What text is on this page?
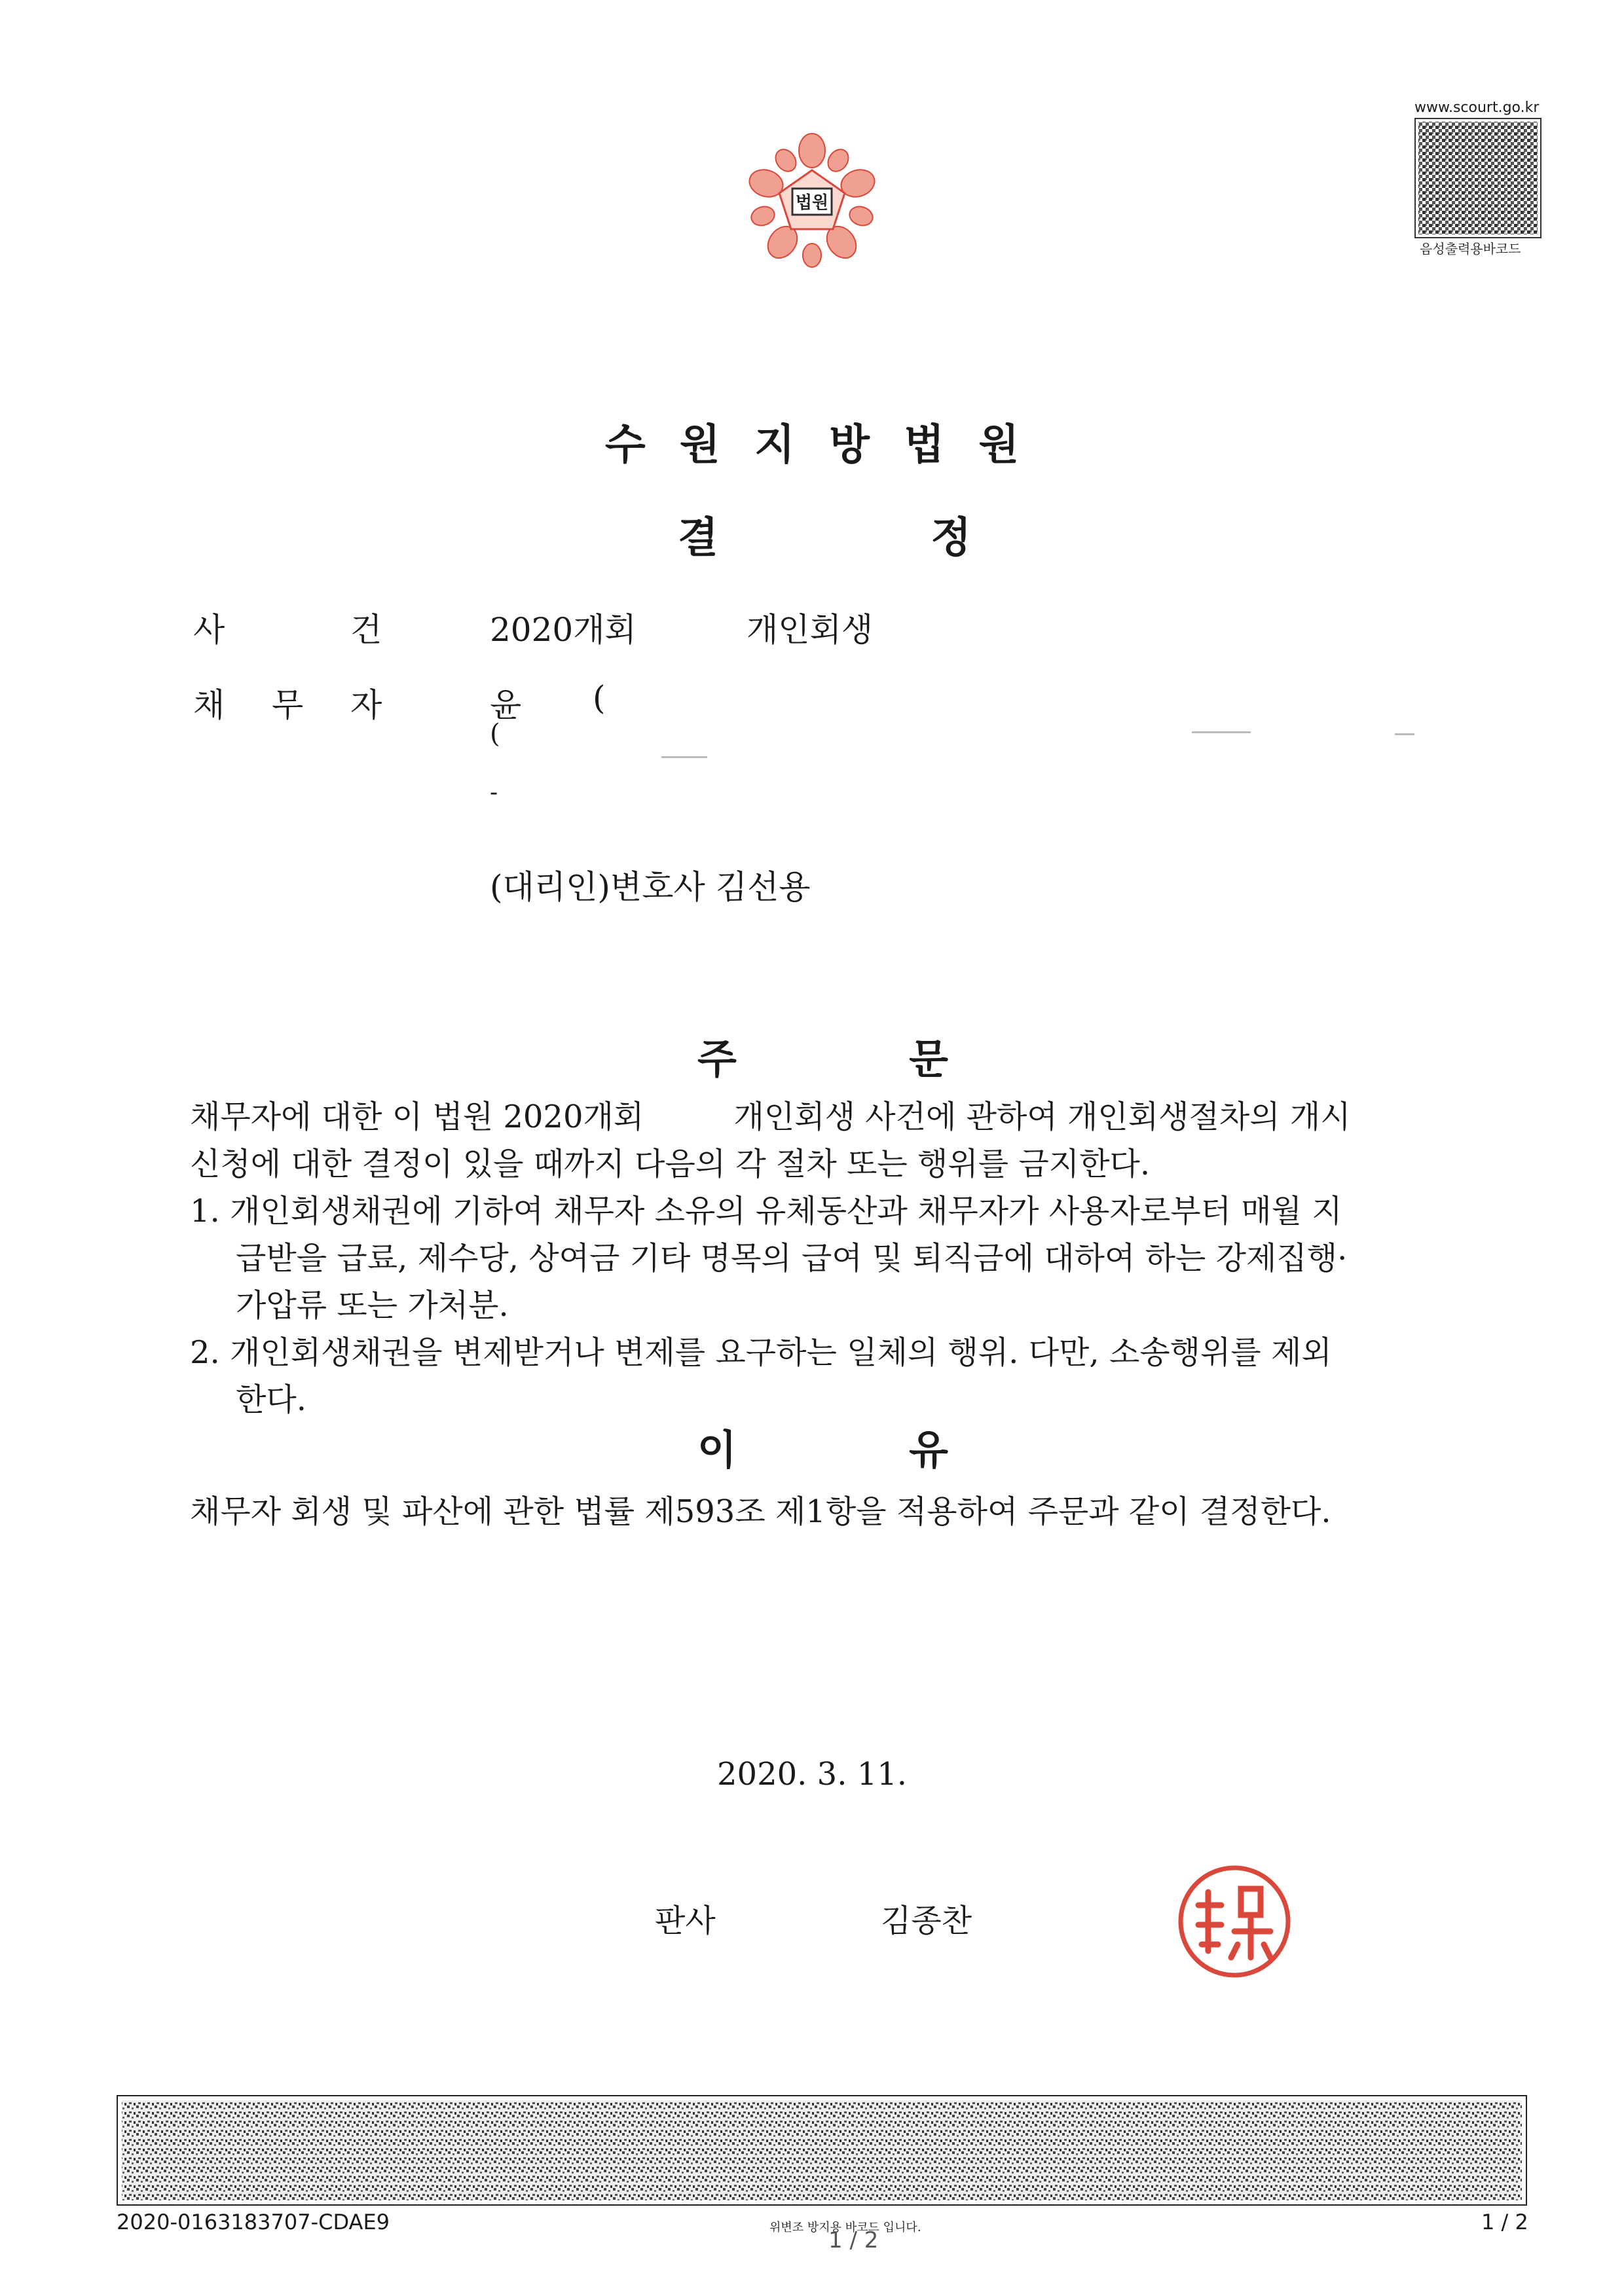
법원
www.scourt.go.kr
음성출력용바코드
수 원 지 방 법 원
결	정
사	건	2020개회	개인회생
채 무 자	윤 (
(
-
(대리인)변호사 김선용
주	문
채무자에 대한 이 법원 2020개회         개인회생 사건에 관하여 개인회생절차의 개시
신청에 대한 결정이 있을 때까지 다음의 각 절차 또는 행위를 금지한다.
1. 개인회생채권에 기하여 채무자 소유의 유체동산과 채무자가 사용자로부터 매월 지
급받을 급료, 제수당, 상여금 기타 명목의 급여 및 퇴직금에 대하여 하는 강제집행·
가압류 또는 가처분.
2. 개인회생채권을 변제받거나 변제를 요구하는 일체의 행위. 다만, 소송행위를 제외
한다.
이	유
채무자 회생 및 파산에 관한 법률 제593조 제1항을 적용하여 주문과 같이 결정한다.
2020. 3. 11.
판사	김종찬
2020-0163183707-CDAE9	위변조 방지용 바코드 입니다.
1 / 2
1 / 2
